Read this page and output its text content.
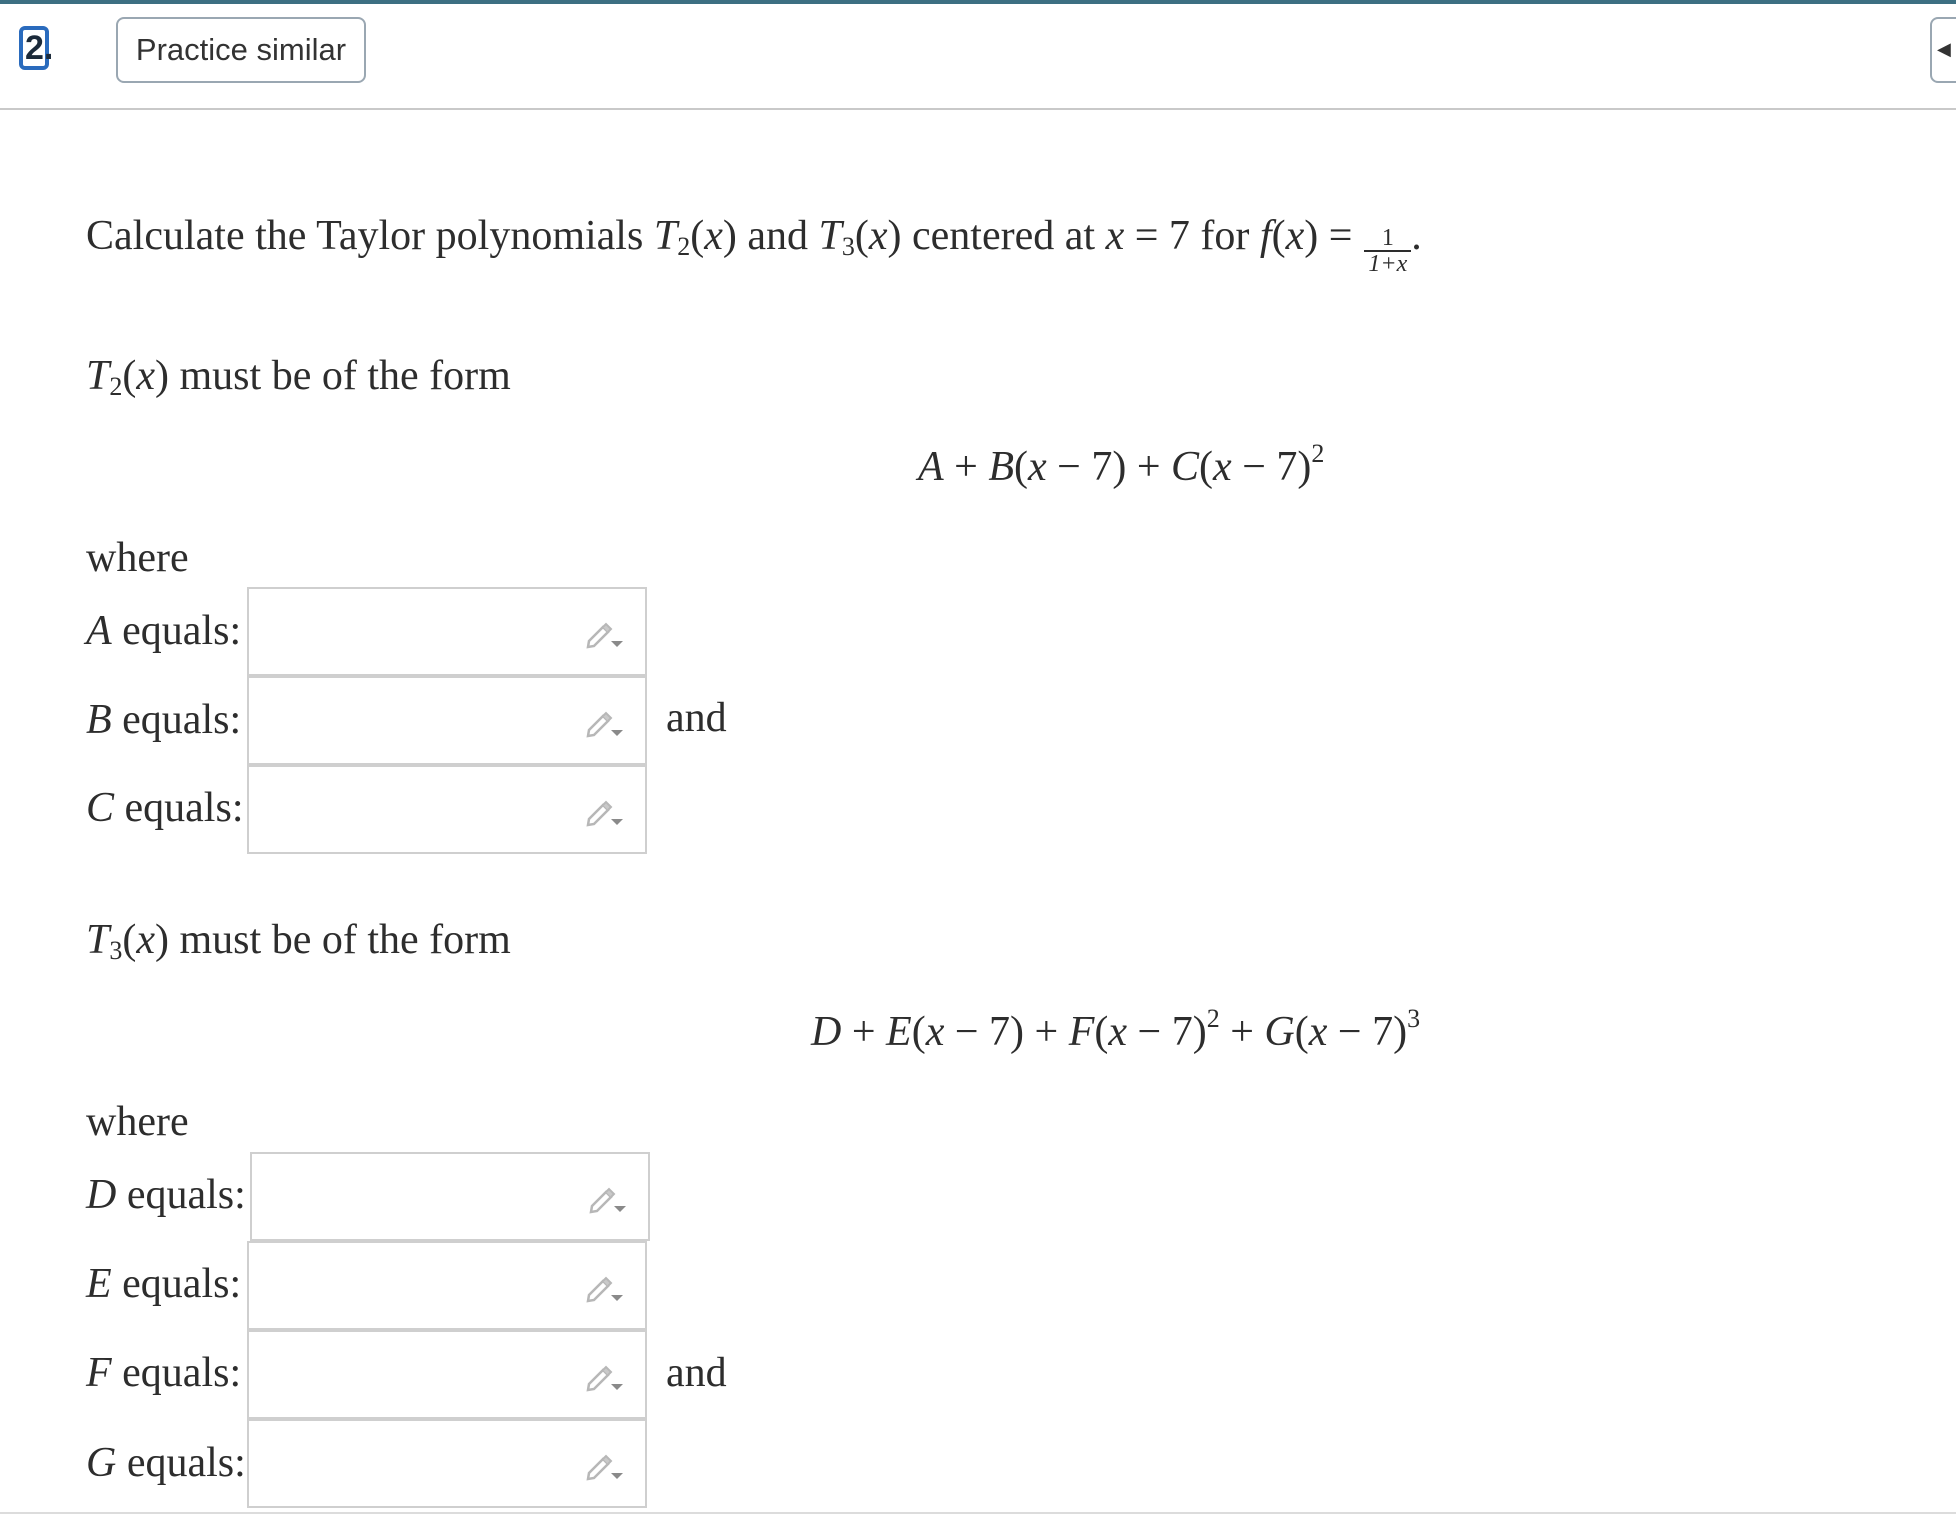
2.	Practice similar	◀
Calculate the Taylor polynomials $T_2(x)$ and $T_3(x)$ centered at x = 7 for $f(x) = \frac{1}{1+x}$ .
$T_2(x)$ must be of the form
$A + B(x - 7) + C(x - 7)^2$
where
A equals:
B equals:	and
C equals:
$T_3(x)$ must be of the form
$D + E(x - 7) + F(x - 7)^2 + G(x - 7)^3$
where
D equals:
E equals:
F equals:	and
G equals:
